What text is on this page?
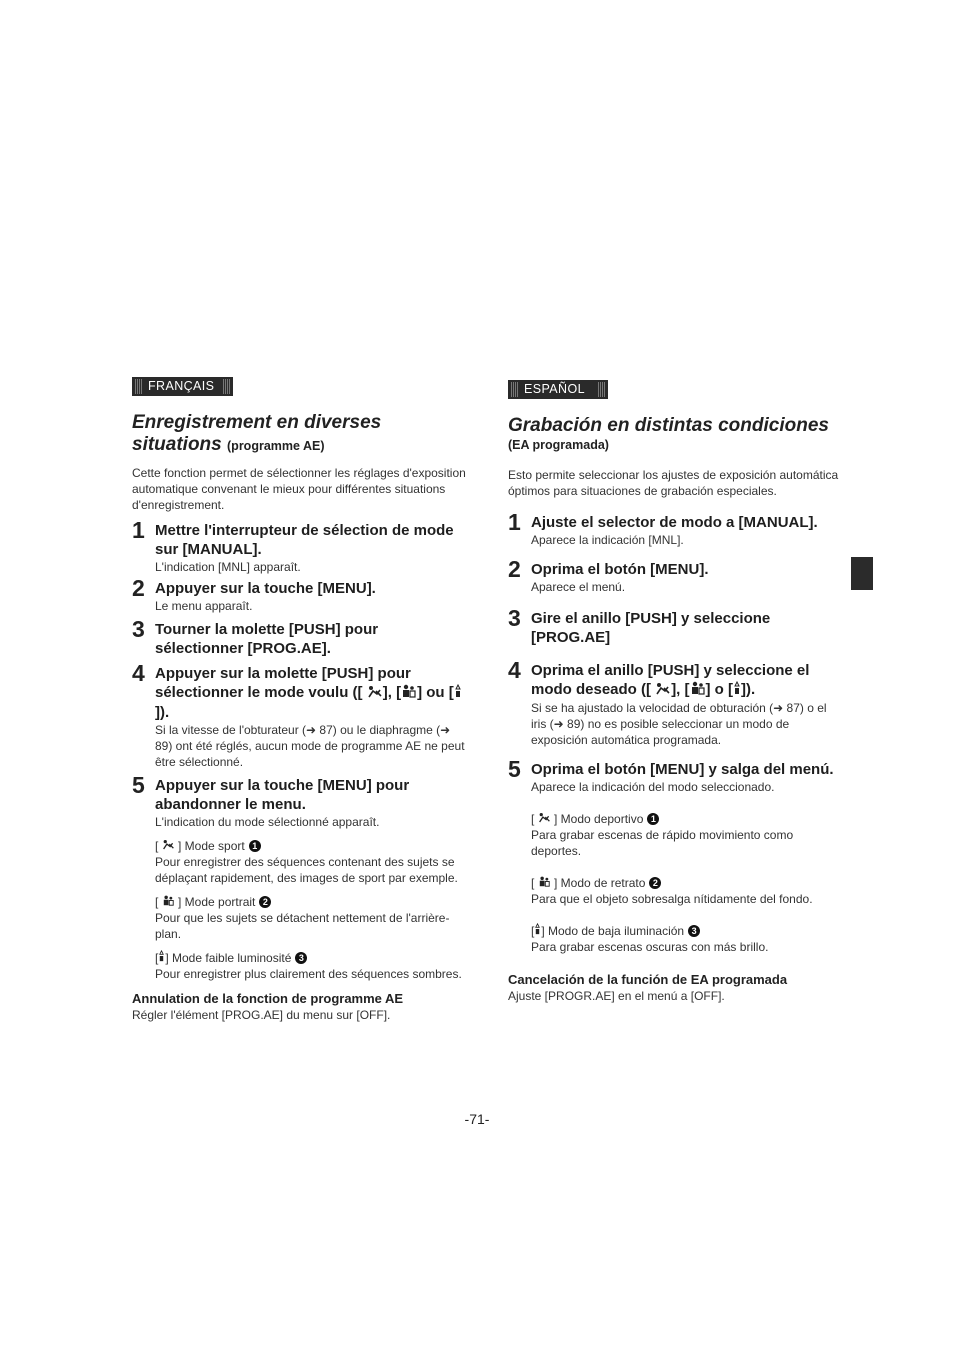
FRANÇAIS
Enregistrement en diverses
situations (programme AE)

Cette fonction permet de sélectionner les réglages d'exposition automatique convenant le mieux pour différentes situations d'enregistrement.

1 Mettre l'interrupteur de sélection de mode sur [MANUAL].
L'indication [MNL] apparaît.
2 Appuyer sur la touche [MENU].
Le menu apparaît.
3 Tourner la molette [PUSH] pour sélectionner [PROG.AE].
4 Appuyer sur la molette [PUSH] pour sélectionner le mode voulu ([ ], [ ] ou []).
Si la vitesse de l'obturateur (➜ 87) ou le diaphragme (➜ 89) ont été réglés, aucun mode de programme AE ne peut être sélectionné.
5 Appuyer sur la touche [MENU] pour abandonner le menu.
L'indication du mode sélectionné apparaît.
[
] Mode sport 1
Pour enregistrer des séquences contenant des sujets se déplaçant rapidement, des images de sport par exemple.
[
] Mode portrait 2
Pour que les sujets se détachent nettement de l'arrière-plan.
[ ] Mode faible luminosité 3
Pour enregistrer plus clairement des séquences sombres.
Annulation de la fonction de programme AE
Régler l'élément [PROG.AE] du menu sur [OFF].
ESPAÑOL
Grabación en distintas condiciones
(EA programada)

Esto permite seleccionar los ajustes de exposición automática óptimos para situaciones de grabación especiales.

1 Ajuste el selector de modo a [MANUAL].
Aparece la indicación [MNL].
2 Oprima el botón [MENU].
Aparece el menú.
3 Gire el anillo [PUSH] y seleccione [PROG.AE]
4 Oprima el anillo [PUSH] y seleccione el modo deseado ([ ], [ ] o [ ]).
Si se ha ajustado la velocidad de obturación (➜ 87) o el iris (➜ 89) no es posible seleccionar un modo de exposición automática programada.
5 Oprima el botón [MENU] y salga del menú.
Aparece la indicación del modo seleccionado.
[
] Modo deportivo 1
Para grabar escenas de rápido movimiento como deportes.
[
] Modo de retrato 2
Para que el objeto sobresalga nítidamente del fondo.
[ ] Modo de baja iluminación 3
Para grabar escenas oscuras con más brillo.
Cancelación de la función de EA programada
Ajuste [PROGR.AE] en el menú a [OFF].
-71-
